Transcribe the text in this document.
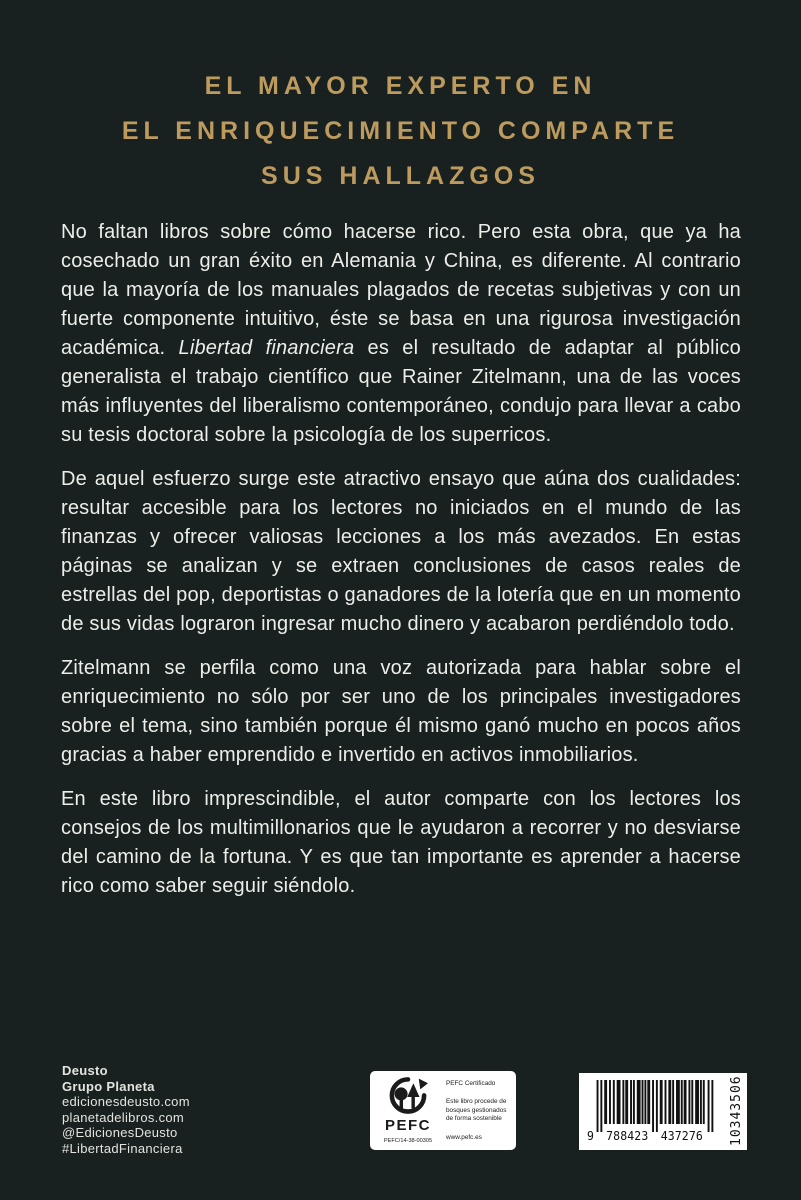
EL MAYOR EXPERTO EN
EL ENRIQUECIMIENTO COMPARTE
SUS HALLAZGOS

No faltan libros sobre cómo hacerse rico. Pero esta obra, que ya ha cosechado un gran éxito en Alemania y China, es diferente. Al contrario que la mayoría de los manuales plagados de recetas subjetivas y con un fuerte componente intuitivo, éste se basa en una rigurosa investigación académica. Libertad financiera es el resultado de adaptar al público generalista el trabajo científico que Rainer Zitelmann, una de las voces más influyentes del liberalismo contemporáneo, condujo para llevar a cabo su tesis doctoral sobre la psicología de los superricos.

De aquel esfuerzo surge este atractivo ensayo que aúna dos cualidades: resultar accesible para los lectores no iniciados en el mundo de las finanzas y ofrecer valiosas lecciones a los más avezados. En estas páginas se analizan y se extraen conclusiones de casos reales de estrellas del pop, deportistas o ganadores de la lotería que en un momento de sus vidas lograron ingresar mucho dinero y acabaron perdiéndolo todo.

Zitelmann se perfila como una voz autorizada para hablar sobre el enriquecimiento no sólo por ser uno de los principales investigadores sobre el tema, sino también porque él mismo ganó mucho en pocos años gracias a haber emprendido e invertido en activos inmobiliarios.

En este libro imprescindible, el autor comparte con los lectores los consejos de los multimillonarios que le ayudaron a recorrer y no desviarse del camino de la fortuna. Y es que tan importante es aprender a hacerse rico como saber seguir siéndolo.

Deusto
Grupo Planeta
edicionesdeusto.com
planetadelibros.com
@EdicionesDeusto
#LibertadFinanciera
PEFC
PEFC/14-38-00305
PEFC Certificado
Este libro procede de bosques gestionados de forma sostenible
www.pefc.es	9 788423 437276 10343506
